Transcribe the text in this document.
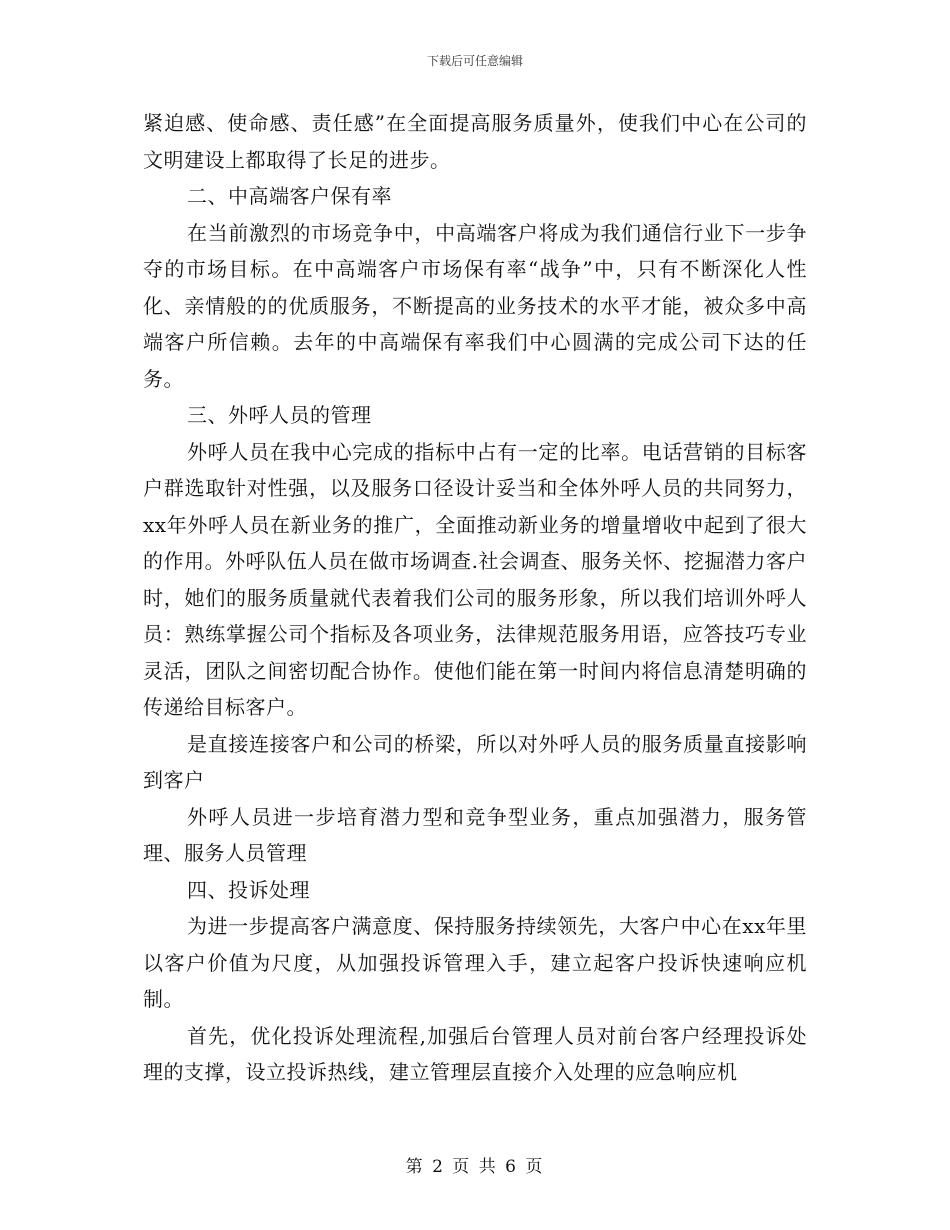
下载后可任意编辑

紧迫感、使命感、责任感”在全面提高服务质量外，使我们中心在公司的文明建设上都取得了长足的进步。

二、中高端客户保有率

在当前激烈的市场竞争中，中高端客户将成为我们通信行业下一步争夺的市场目标。在中高端客户市场保有率“战争”中，只有不断深化人性化、亲情般的的优质服务，不断提高的业务技术的水平才能，被众多中高端客户所信赖。去年的中高端保有率我们中心圆满的完成公司下达的任务。

三、外呼人员的管理

外呼人员在我中心完成的指标中占有一定的比率。电话营销的目标客户群选取针对性强，以及服务口径设计妥当和全体外呼人员的共同努力，xx年外呼人员在新业务的推广，全面推动新业务的增量增收中起到了很大的作用。外呼队伍人员在做市场调查.社会调查、服务关怀、挖掘潜力客户时，她们的服务质量就代表着我们公司的服务形象，所以我们培训外呼人员：熟练掌握公司个指标及各项业务，法律规范服务用语，应答技巧专业灵活，团队之间密切配合协作。使他们能在第一时间内将信息清楚明确的传递给目标客户。

是直接连接客户和公司的桥梁，所以对外呼人员的服务质量直接影响到客户

外呼人员进一步培育潜力型和竞争型业务，重点加强潜力，服务管理、服务人员管理

四、投诉处理

为进一步提高客户满意度、保持服务持续领先，大客户中心在xx年里以客户价值为尺度，从加强投诉管理入手，建立起客户投诉快速响应机制。

首先，优化投诉处理流程,加强后台管理人员对前台客户经理投诉处理的支撑，设立投诉热线，建立管理层直接介入处理的应急响应机

第 2 页 共 6 页
